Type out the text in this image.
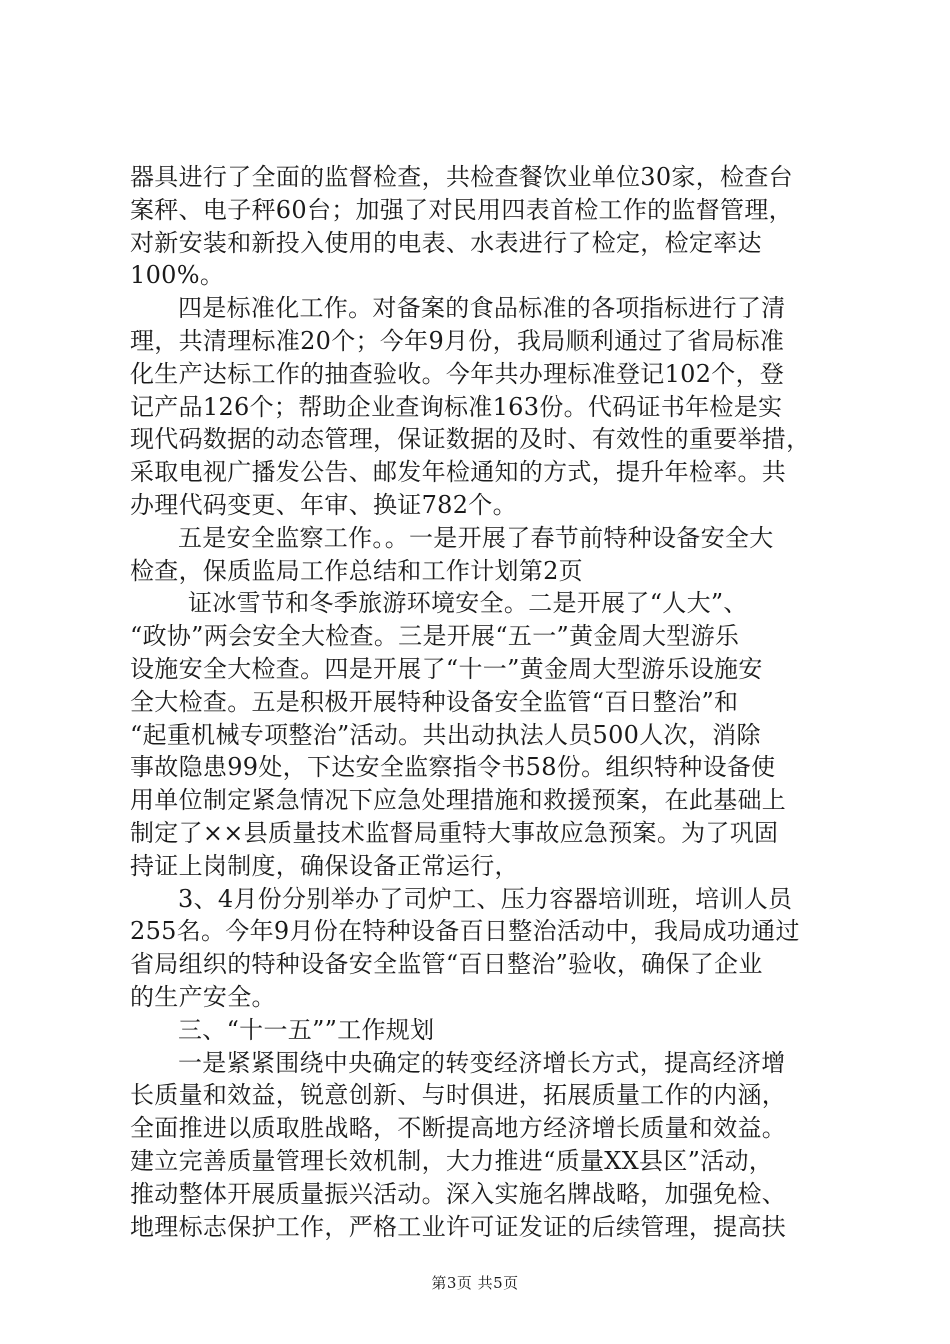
器具进行了全面的监督检查，共检查餐饮业单位30家，检查台
案秤、电子秤60台；加强了对民用四表首检工作的监督管理，
对新安装和新投入使用的电表、水表进行了检定，检定率达
100%。
四是标准化工作。对备案的食品标准的各项指标进行了清
理，共清理标准20个；今年9月份，我局顺利通过了省局标准
化生产达标工作的抽查验收。今年共办理标准登记102个，登
记产品126个；帮助企业查询标准163份。代码证书年检是实
现代码数据的动态管理，保证数据的及时、有效性的重要举措，
采取电视广播发公告、邮发年检通知的方式，提升年检率。共
办理代码变更、年审、换证782个。
五是安全监察工作。。一是开展了春节前特种设备安全大
检查，保质监局工作总结和工作计划第2页
证冰雪节和冬季旅游环境安全。二是开展了“人大”、
“政协”两会安全大检查。三是开展“五一”黄金周大型游乐
设施安全大检查。四是开展了“十一”黄金周大型游乐设施安
全大检查。五是积极开展特种设备安全监管“百日整治”和
“起重机械专项整治”活动。共出动执法人员500人次，消除
事故隐患99处，下达安全监察指令书58份。组织特种设备使
用单位制定紧急情况下应急处理措施和救援预案，在此基础上
制定了××县质量技术监督局重特大事故应急预案。为了巩固
持证上岗制度，确保设备正常运行，
3、4月份分别举办了司炉工、压力容器培训班，培训人员
255名。今年9月份在特种设备百日整治活动中，我局成功通过
省局组织的特种设备安全监管“百日整治”验收，确保了企业
的生产安全。
三、“十一五””工作规划
一是紧紧围绕中央确定的转变经济增长方式，提高经济增
长质量和效益，锐意创新、与时俱进，拓展质量工作的内涵，
全面推进以质取胜战略，不断提高地方经济增长质量和效益。
建立完善质量管理长效机制，大力推进“质量XX县区”活动，
推动整体开展质量振兴活动。深入实施名牌战略，加强免检、
地理标志保护工作，严格工业许可证发证的后续管理，提高扶
第3页 共5页
